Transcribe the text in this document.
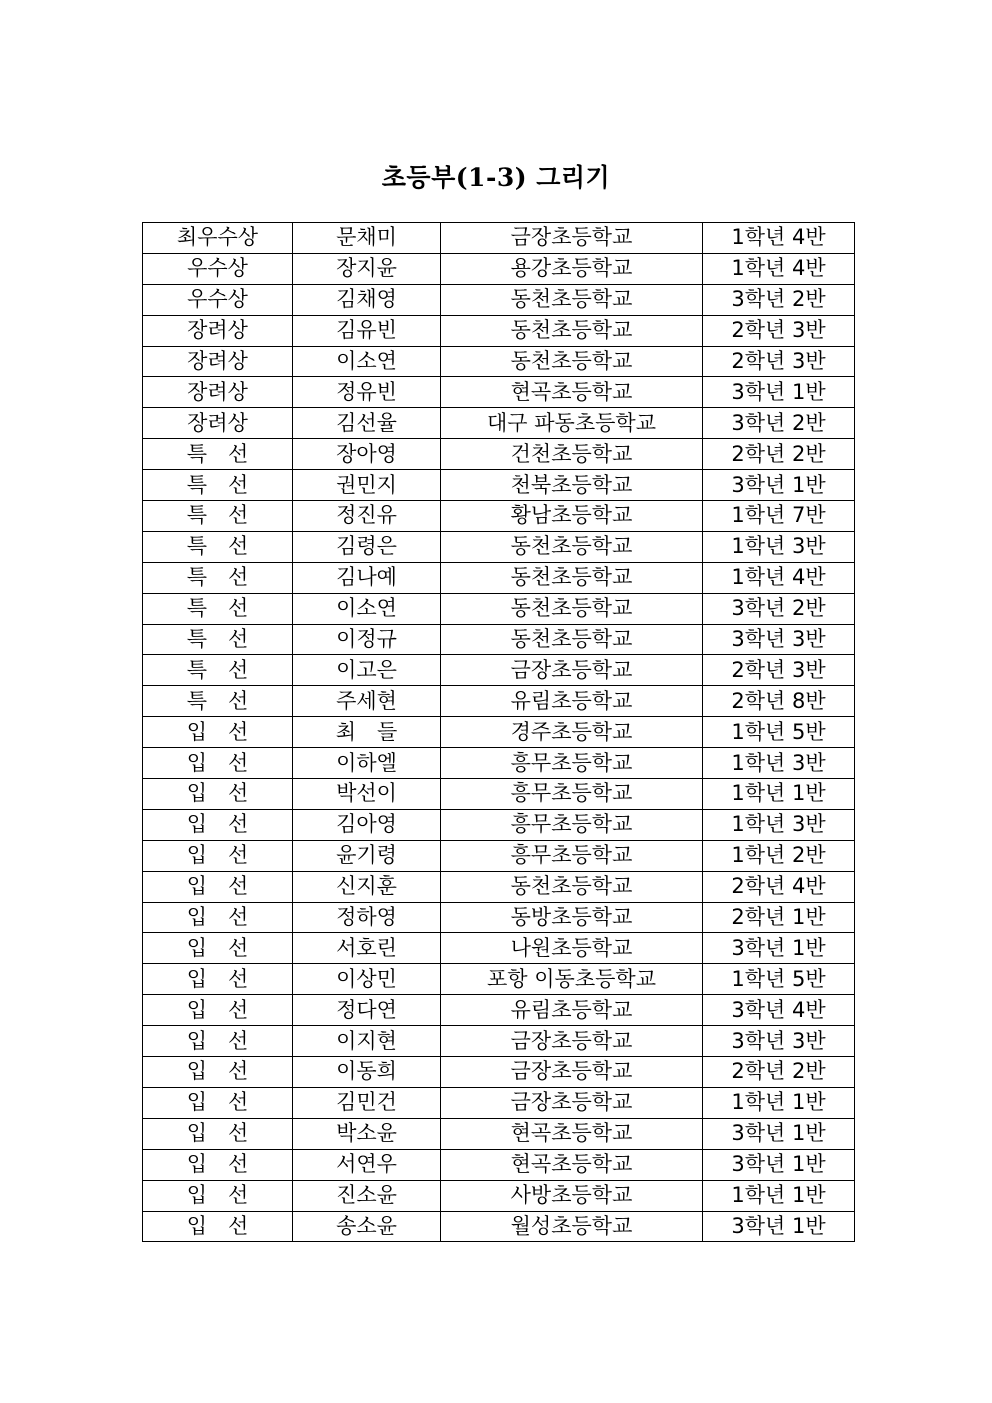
초등부(1-3) 그리기
최우수상	문채미	금장초등학교	1학년 4반
우수상	장지윤	용강초등학교	1학년 4반
우수상	김채영	동천초등학교	3학년 2반
장려상	김유빈	동천초등학교	2학년 3반
장려상	이소연	동천초등학교	2학년 3반
장려상	정유빈	현곡초등학교	3학년 1반
장려상	김선율	대구 파동초등학교	3학년 2반
특　선	장아영	건천초등학교	2학년 2반
특　선	권민지	천북초등학교	3학년 1반
특　선	정진유	황남초등학교	1학년 7반
특　선	김령은	동천초등학교	1학년 3반
특　선	김나예	동천초등학교	1학년 4반
특　선	이소연	동천초등학교	3학년 2반
특　선	이정규	동천초등학교	3학년 3반
특　선	이고은	금장초등학교	2학년 3반
특　선	주세현	유림초등학교	2학년 8반
입　선	최　들	경주초등학교	1학년 5반
입　선	이하엘	흥무초등학교	1학년 3반
입　선	박선이	흥무초등학교	1학년 1반
입　선	김아영	흥무초등학교	1학년 3반
입　선	윤기령	흥무초등학교	1학년 2반
입　선	신지훈	동천초등학교	2학년 4반
입　선	정하영	동방초등학교	2학년 1반
입　선	서호린	나원초등학교	3학년 1반
입　선	이상민	포항 이동초등학교	1학년 5반
입　선	정다연	유림초등학교	3학년 4반
입　선	이지현	금장초등학교	3학년 3반
입　선	이동희	금장초등학교	2학년 2반
입　선	김민건	금장초등학교	1학년 1반
입　선	박소윤	현곡초등학교	3학년 1반
입　선	서연우	현곡초등학교	3학년 1반
입　선	진소윤	사방초등학교	1학년 1반
입　선	송소윤	월성초등학교	3학년 1반
